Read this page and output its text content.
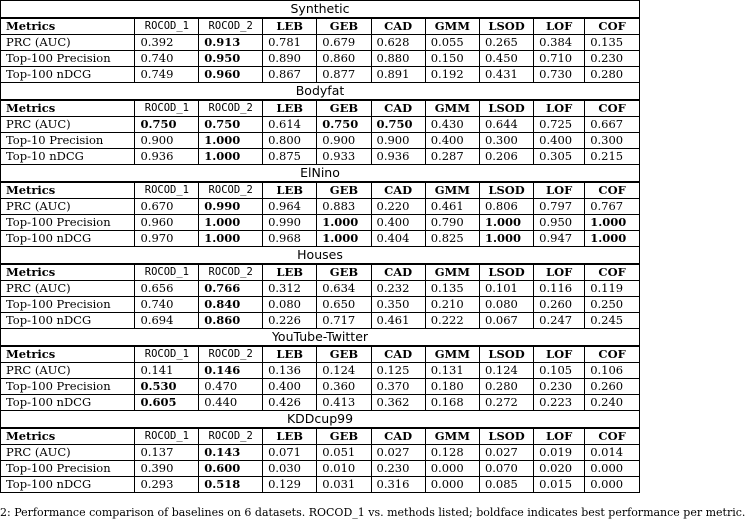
Synthetic
Metrics	ROCOD_1	ROCOD_2	LEB	GEB	CAD	GMM	LSOD	LOF	COF
PRC (AUC)	0.392	0.913	0.781	0.679	0.628	0.055	0.265	0.384	0.135
Top-100 Precision	0.740	0.950	0.890	0.860	0.880	0.150	0.450	0.710	0.230
Top-100 nDCG	0.749	0.960	0.867	0.877	0.891	0.192	0.431	0.730	0.280
Bodyfat
Metrics	ROCOD_1	ROCOD_2	LEB	GEB	CAD	GMM	LSOD	LOF	COF
PRC (AUC)	0.750	0.750	0.614	0.750	0.750	0.430	0.644	0.725	0.667
Top-10 Precision	0.900	1.000	0.800	0.900	0.900	0.400	0.300	0.400	0.300
Top-10 nDCG	0.936	1.000	0.875	0.933	0.936	0.287	0.206	0.305	0.215
ElNino
Metrics	ROCOD_1	ROCOD_2	LEB	GEB	CAD	GMM	LSOD	LOF	COF
PRC (AUC)	0.670	0.990	0.964	0.883	0.220	0.461	0.806	0.797	0.767
Top-100 Precision	0.960	1.000	0.990	1.000	0.400	0.790	1.000	0.950	1.000
Top-100 nDCG	0.970	1.000	0.968	1.000	0.404	0.825	1.000	0.947	1.000
Houses
Metrics	ROCOD_1	ROCOD_2	LEB	GEB	CAD	GMM	LSOD	LOF	COF
PRC (AUC)	0.656	0.766	0.312	0.634	0.232	0.135	0.101	0.116	0.119
Top-100 Precision	0.740	0.840	0.080	0.650	0.350	0.210	0.080	0.260	0.250
Top-100 nDCG	0.694	0.860	0.226	0.717	0.461	0.222	0.067	0.247	0.245
YouTube-Twitter
Metrics	ROCOD_1	ROCOD_2	LEB	GEB	CAD	GMM	LSOD	LOF	COF
PRC (AUC)	0.141	0.146	0.136	0.124	0.125	0.131	0.124	0.105	0.106
Top-100 Precision	0.530	0.470	0.400	0.360	0.370	0.180	0.280	0.230	0.260
Top-100 nDCG	0.605	0.440	0.426	0.413	0.362	0.168	0.272	0.223	0.240
KDDcup99
Metrics	ROCOD_1	ROCOD_2	LEB	GEB	CAD	GMM	LSOD	LOF	COF
PRC (AUC)	0.137	0.143	0.071	0.051	0.027	0.128	0.027	0.019	0.014
Top-100 Precision	0.390	0.600	0.030	0.010	0.230	0.000	0.070	0.020	0.000
Top-100 nDCG	0.293	0.518	0.129	0.031	0.316	0.000	0.085	0.015	0.000
2: Performance comparison of baselines on 6 datasets. ROCOD_1 vs. methods listed; boldface indicates best performance per metric.
